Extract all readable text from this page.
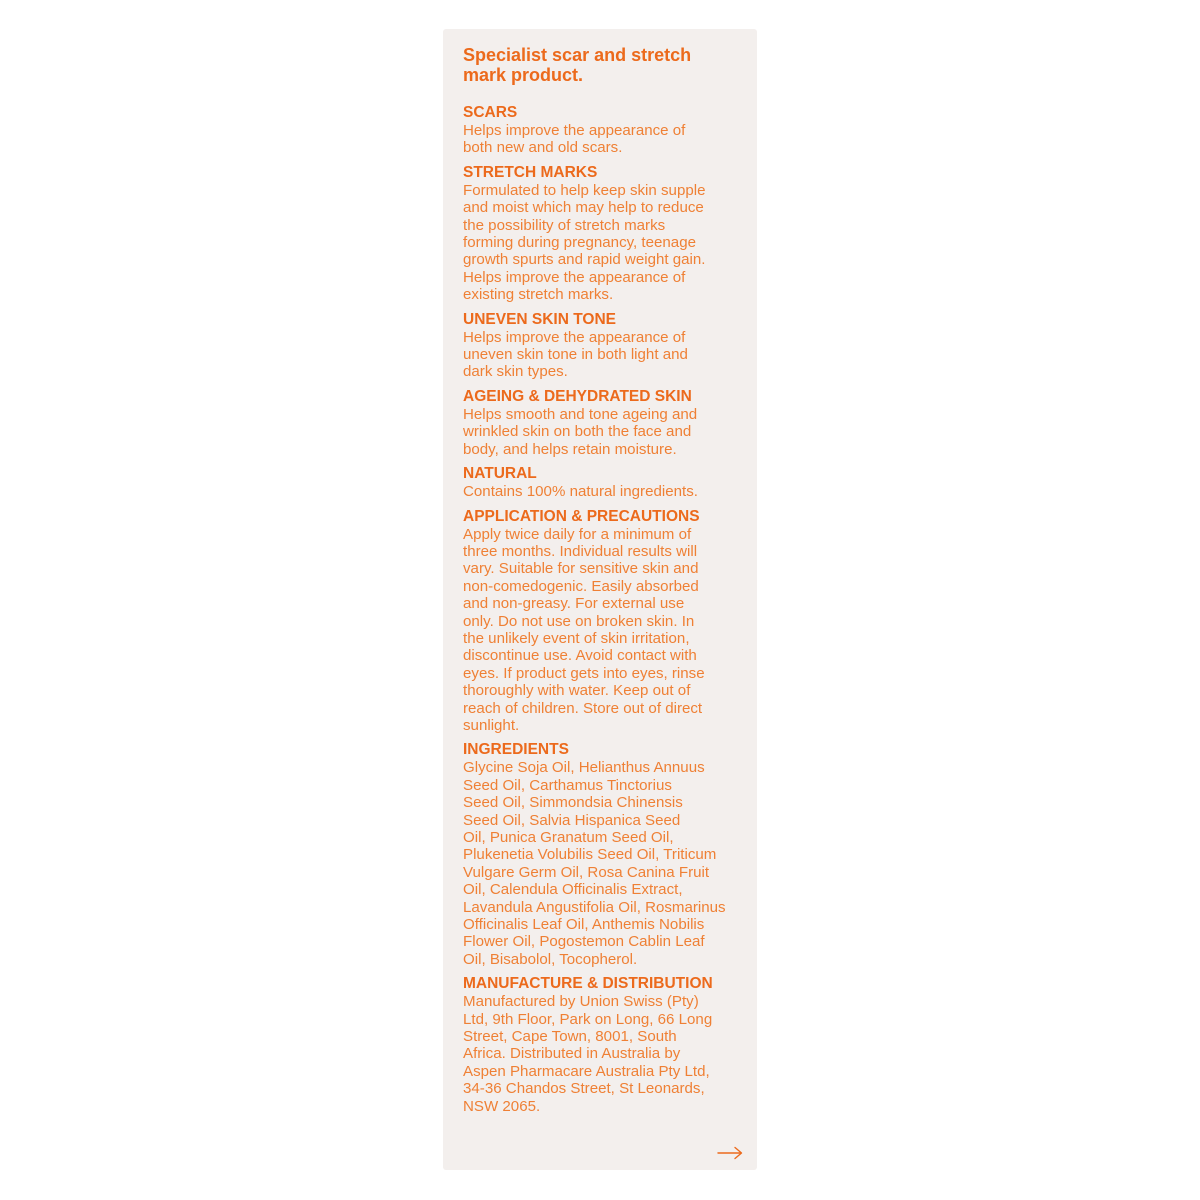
Specialist scar and stretch
mark product.

SCARS

Helps improve the appearance of
both new and old scars.

STRETCH MARKS

Formulated to help keep skin supple
and moist which may help to reduce
the possibility of stretch marks
forming during pregnancy, teenage
growth spurts and rapid weight gain.
Helps improve the appearance of
existing stretch marks.

UNEVEN SKIN TONE

Helps improve the appearance of
uneven skin tone in both light and
dark skin types.

AGEING & DEHYDRATED SKIN

Helps smooth and tone ageing and
wrinkled skin on both the face and
body, and helps retain moisture.

NATURAL

Contains 100% natural ingredients.

APPLICATION & PRECAUTIONS

Apply twice daily for a minimum of
three months. Individual results will
vary. Suitable for sensitive skin and
non-comedogenic. Easily absorbed
and non-greasy. For external use
only. Do not use on broken skin. In
the unlikely event of skin irritation,
discontinue use. Avoid contact with
eyes. If product gets into eyes, rinse
thoroughly with water. Keep out of
reach of children. Store out of direct
sunlight.

INGREDIENTS

Glycine Soja Oil, Helianthus Annuus
Seed Oil, Carthamus Tinctorius
Seed Oil, Simmondsia Chinensis
Seed Oil, Salvia Hispanica Seed
Oil, Punica Granatum Seed Oil,
Plukenetia Volubilis Seed Oil, Triticum
Vulgare Germ Oil, Rosa Canina Fruit
Oil, Calendula Officinalis Extract,
Lavandula Angustifolia Oil, Rosmarinus
Officinalis Leaf Oil, Anthemis Nobilis
Flower Oil, Pogostemon Cablin Leaf
Oil, Bisabolol, Tocopherol.

MANUFACTURE & DISTRIBUTION

Manufactured by Union Swiss (Pty)
Ltd, 9th Floor, Park on Long, 66 Long
Street, Cape Town, 8001, South
Africa. Distributed in Australia by
Aspen Pharmacare Australia Pty Ltd,
34-36 Chandos Street, St Leonards,
NSW 2065.
